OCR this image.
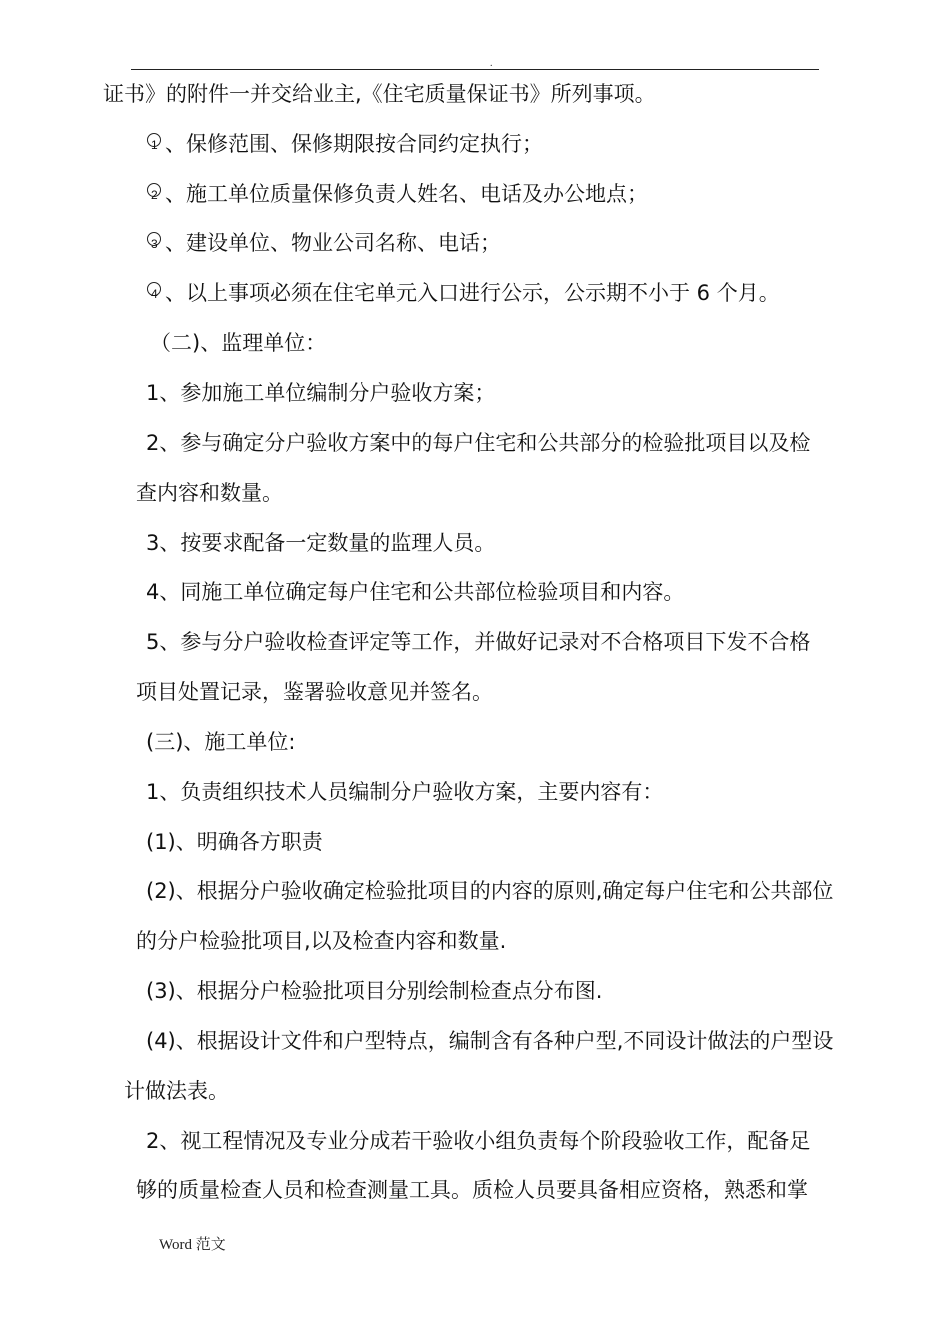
.
证书》的附件一并交给业主,《住宅质量保证书》所列事项。
1 、保修范围、保修期限按合同约定执行；
2 、施工单位质量保修负责人姓名、电话及办公地点；
3 、建设单位、物业公司名称、电话；
4 、以上事项必须在住宅单元入口进行公示，公示期不小于 6 个月。
（二)、监理单位：
1、参加施工单位编制分户验收方案；
2、参与确定分户验收方案中的每户住宅和公共部分的检验批项目以及检
查内容和数量。
3、按要求配备一定数量的监理人员。
4、同施工单位确定每户住宅和公共部位检验项目和内容。
5、参与分户验收检查评定等工作，并做好记录对不合格项目下发不合格
项目处置记录，鉴署验收意见并签名。
(三)、施工单位:
1、负责组织技术人员编制分户验收方案，主要内容有：
(1)、明确各方职责
(2)、根据分户验收确定检验批项目的内容的原则,确定每户住宅和公共部位
的分户检验批项目,以及检查内容和数量.
(3)、根据分户检验批项目分别绘制检查点分布图.
(4)、根据设计文件和户型特点，编制含有各种户型,不同设计做法的户型设
计做法表。
2、视工程情况及专业分成若干验收小组负责每个阶段验收工作，配备足
够的质量检查人员和检查测量工具。质检人员要具备相应资格，熟悉和掌
Word 范文
